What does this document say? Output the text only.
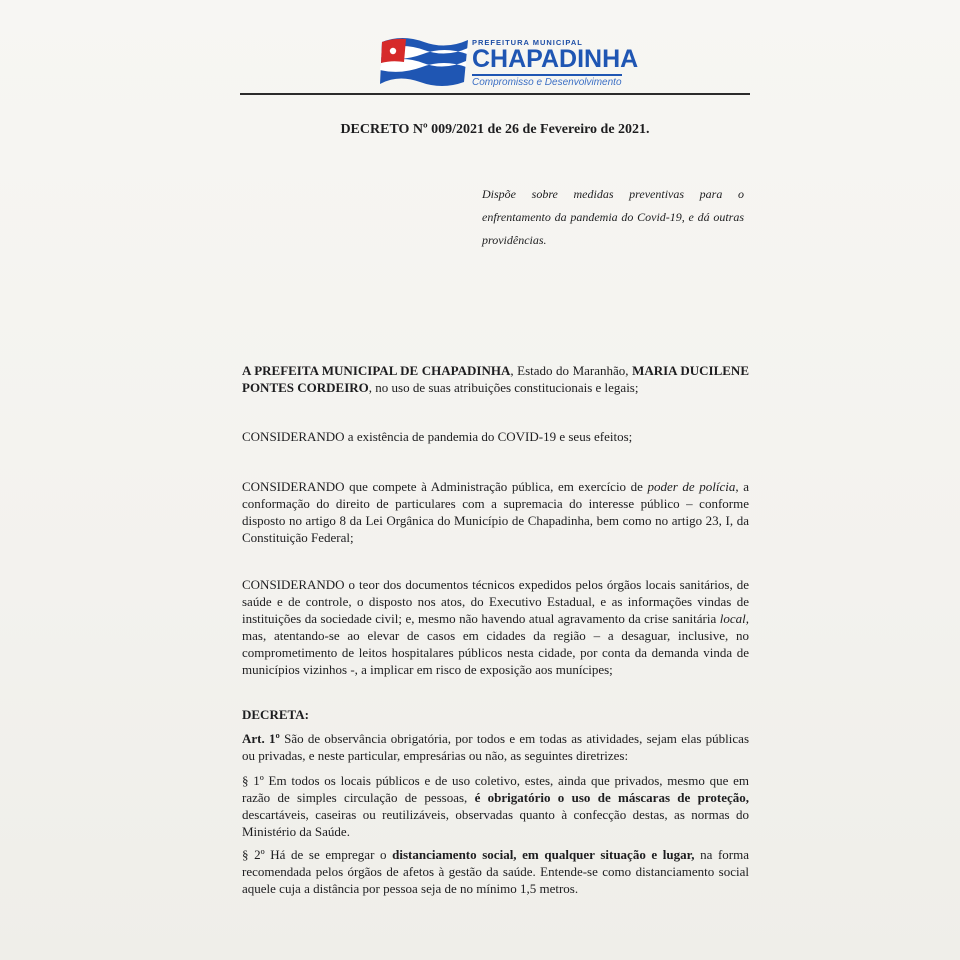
PREFEITURA MUNICIPAL
CHAPADINHA
Compromisso e Desenvolvimento
DECRETO Nº 009/2021 de 26 de Fevereiro de 2021.
Dispõe sobre medidas preventivas para o enfrentamento da pandemia do Covid-19, e dá outras providências.

A PREFEITA MUNICIPAL DE CHAPADINHA, Estado do Maranhão, MARIA DUCILENE PONTES CORDEIRO, no uso de suas atribuições constitucionais e legais;

CONSIDERANDO a existência de pandemia do COVID-19 e seus efeitos;

CONSIDERANDO que compete à Administração pública, em exercício de poder de polícia, a conformação do direito de particulares com a supremacia do interesse público – conforme disposto no artigo 8 da Lei Orgânica do Município de Chapadinha, bem como no artigo 23, I, da Constituição Federal;

CONSIDERANDO o teor dos documentos técnicos expedidos pelos órgãos locais sanitários, de saúde e de controle, o disposto nos atos, do Executivo Estadual, e as informações vindas de instituições da sociedade civil; e, mesmo não havendo atual agravamento da crise sanitária local, mas, atentando-se ao elevar de casos em cidades da região – a desaguar, inclusive, no comprometimento de leitos hospitalares públicos nesta cidade, por conta da demanda vinda de municípios vizinhos -, a implicar em risco de exposição aos munícipes;

DECRETA:

Art. 1º São de observância obrigatória, por todos e em todas as atividades, sejam elas públicas ou privadas, e neste particular, empresárias ou não, as seguintes diretrizes:

§ 1º Em todos os locais públicos e de uso coletivo, estes, ainda que privados, mesmo que em razão de simples circulação de pessoas, é obrigatório o uso de máscaras de proteção, descartáveis, caseiras ou reutilizáveis, observadas quanto à confecção destas, as normas do Ministério da Saúde.

§ 2º Há de se empregar o distanciamento social, em qualquer situação e lugar, na forma recomendada pelos órgãos de afetos à gestão da saúde. Entende-se como distanciamento social aquele cuja a distância por pessoa seja de no mínimo 1,5 metros.
